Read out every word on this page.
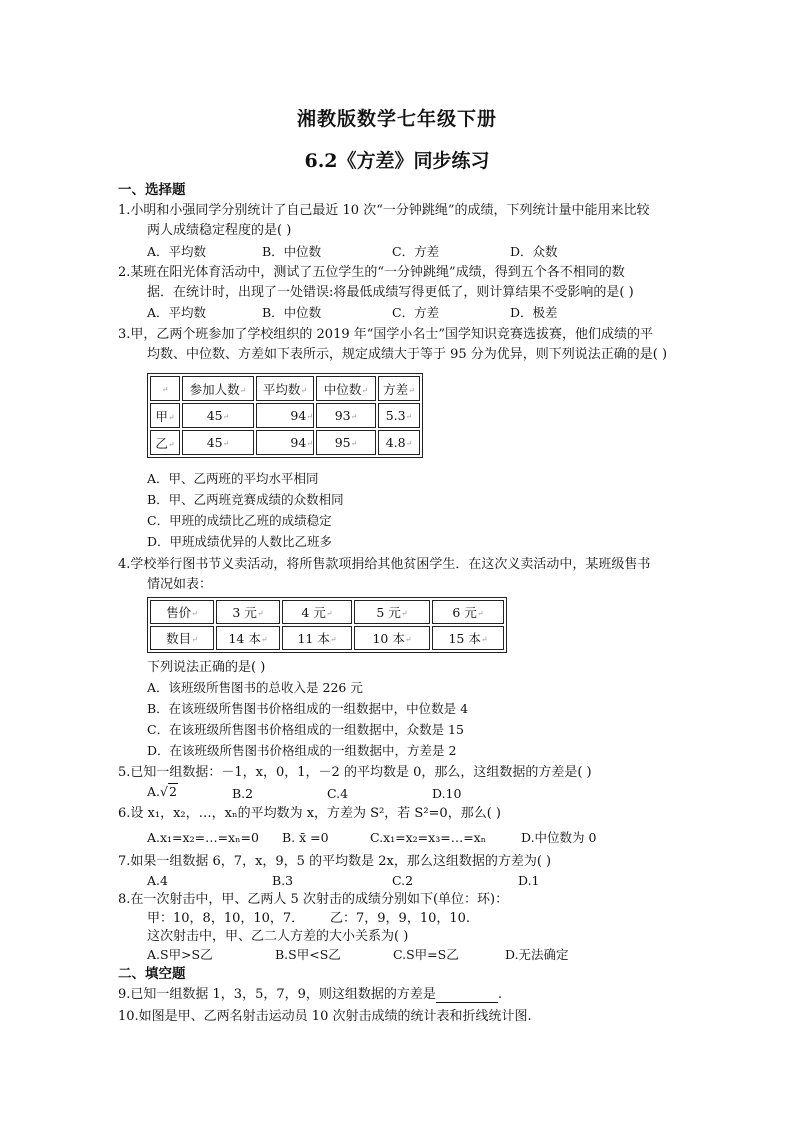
湘教版数学七年级下册
6.2《方差》同步练习
一、选择题
1.小明和小强同学分别统计了自己最近 10 次“一分钟跳绳”的成绩，下列统计量中能用来比较
两人成绩稳定程度的是( )
A．平均数	B．中位数	C．方差	D．众数
2.某班在阳光体育活动中，测试了五位学生的“一分钟跳绳”成绩，得到五个各不相同的数
据．在统计时，出现了一处错误:将最低成绩写得更低了，则计算结果不受影响的是( )
A．平均数	B．中位数	C．方差	D．极差
3.甲，乙两个班参加了学校组织的 2019 年“国学小名士”国学知识竞赛选拔赛，他们成绩的平
均数、中位数、方差如下表所示，规定成绩大于等于 95 分为优异，则下列说法正确的是( )
↵	参加人数↵	平均数↵	中位数↵	方差↵
甲↵	45↵	94↵	93↵	5.3↵
乙↵	45↵	94↵	95↵	4.8↵
A．甲、乙两班的平均水平相同
B．甲、乙两班竞赛成绩的众数相同
C．甲班的成绩比乙班的成绩稳定
D．甲班成绩优异的人数比乙班多
4.学校举行图书节义卖活动，将所售款项捐给其他贫困学生．在这次义卖活动中，某班级售书
情况如表：
售价↵	3 元↵	4 元↵	5 元↵	6 元↵
数目↵	14 本↵	11 本↵	10 本↵	15 本↵
下列说法正确的是( )
A．该班级所售图书的总收入是 226 元
B．在该班级所售图书价格组成的一组数据中，中位数是 4
C．在该班级所售图书价格组成的一组数据中，众数是 15
D．在该班级所售图书价格组成的一组数据中，方差是 2
5.已知一组数据：－1，x，0，1，－2 的平均数是 0，那么，这组数据的方差是( )
A.√2	B.2	C.4	D.10
6.设 x₁，x₂，…，xₙ的平均数为 x，方差为 S²，若 S²=0，那么( )
A.x₁=x₂=…=xₙ=0 B. x̄ =0	C.x₁=x₂=x₃=…=xₙ	D.中位数为 0
7.如果一组数据 6，7，x，9，5 的平均数是 2x，那么这组数据的方差为( )
A.4	B.3	C.2	D.1
8.在一次射击中，甲、乙两人 5 次射击的成绩分别如下(单位：环)：
甲：10，8，10，10，7． 乙：7，9，9，10，10.
这次射击中，甲、乙二人方差的大小关系为( )
A.S甲>S乙	B.S甲<S乙	C.S甲=S乙	D.无法确定
二、填空题
9.已知一组数据 1，3，5，7，9，则这组数据的方差是	.
10.如图是甲、乙两名射击运动员 10 次射击成绩的统计表和折线统计图.
